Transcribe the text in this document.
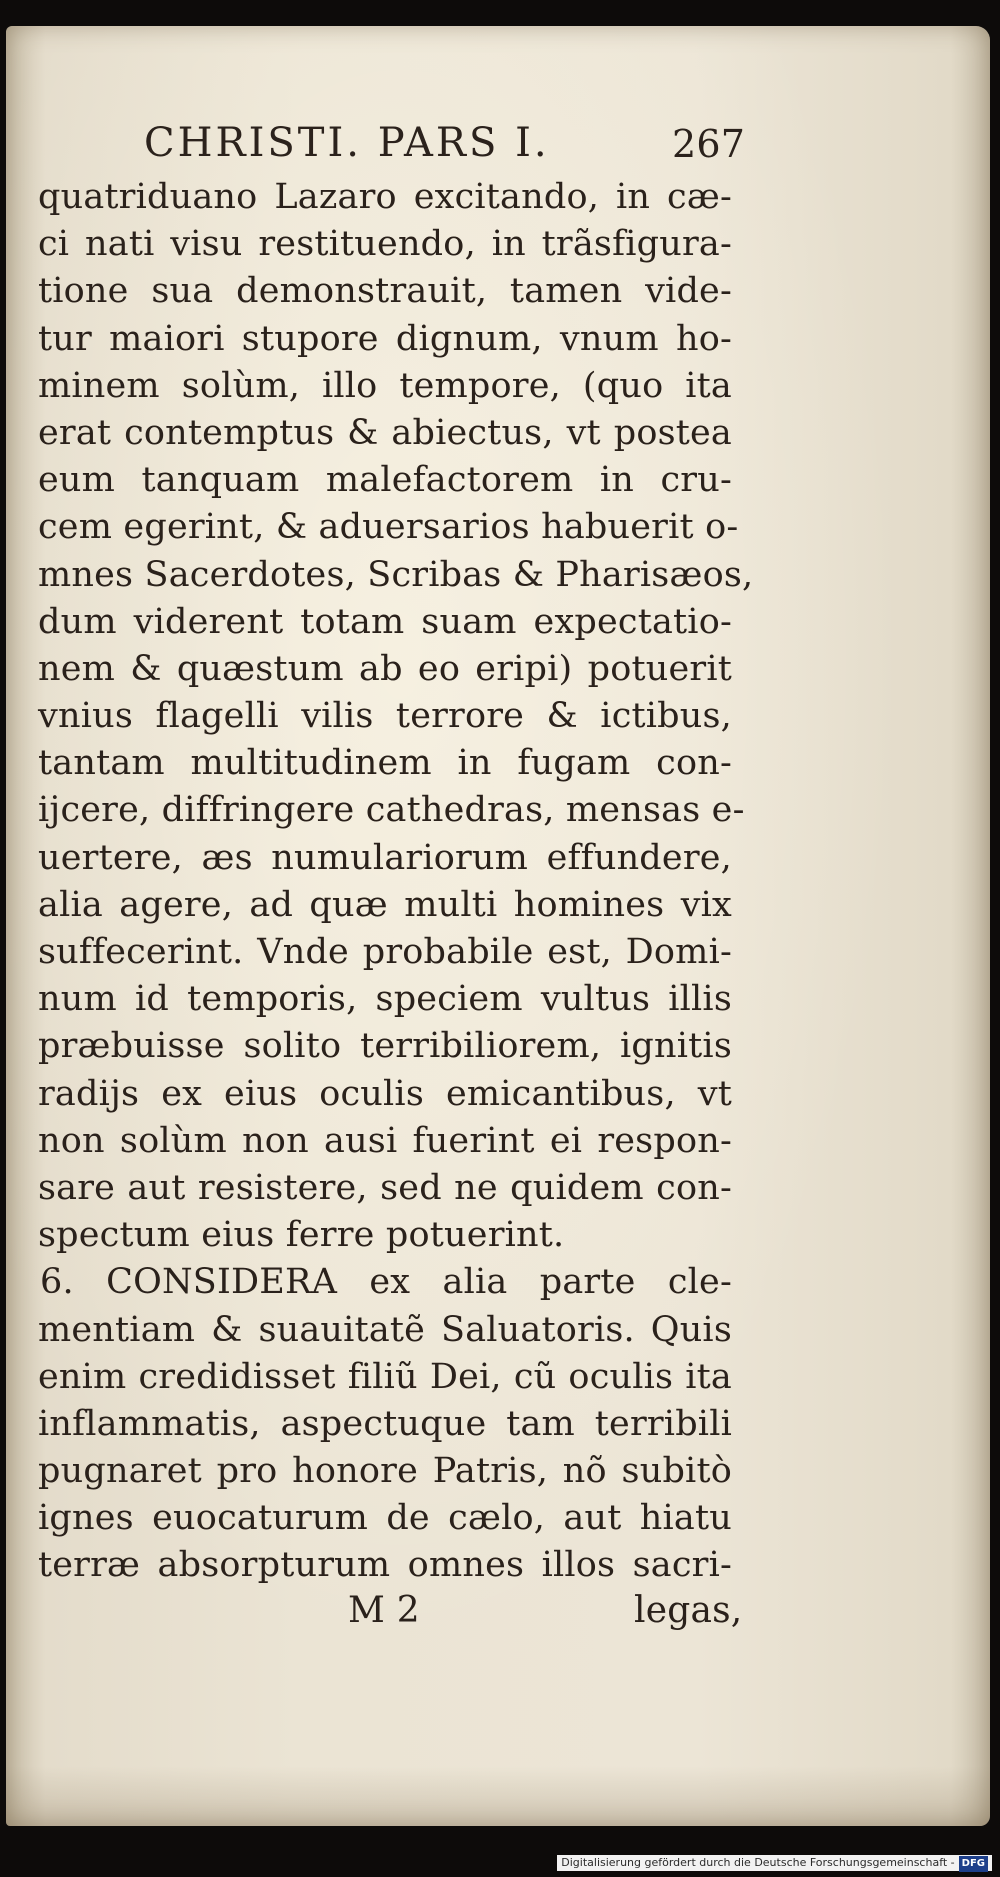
CHRISTI. PARS I.	267
quatriduano Lazaro excitando, in cæ-
ci nati visu restituendo, in trãsfigura-
tione sua demonstrauit, tamen vide-
tur maiori stupore dignum, vnum ho-
minem solùm, illo tempore, (quo ita
erat contemptus & abiectus, vt postea
eum tanquam malefactorem in cru-
cem egerint, & aduersarios habuerit o-
mnes Sacerdotes, Scribas & Pharisæos,
dum viderent totam suam expectatio-
nem & quæstum ab eo eripi) potuerit
vnius flagelli vilis terrore & ictibus,
tantam multitudinem in fugam con-
ijcere, diffringere cathedras, mensas e-
uertere, æs numulariorum effundere,
alia agere, ad quæ multi homines vix
suffecerint. Vnde probabile est, Domi-
num id temporis, speciem vultus illis
præbuisse solito terribiliorem, ignitis
radijs ex eius oculis emicantibus, vt
non solùm non ausi fuerint ei respon-
sare aut resistere, sed ne quidem con-
spectum eius ferre potuerint.
6. CONSIDERA ex alia parte cle-
mentiam & suauitatẽ Saluatoris. Quis
enim credidisset filiũ Dei, cũ oculis ita
inflammatis, aspectuque tam terribili
pugnaret pro honore Patris, nõ subitò
ignes euocaturum de cælo, aut hiatu
terræ absorpturum omnes illos sacri-
M 2	legas,
Digitalisierung gefördert durch die Deutsche Forschungsgemeinschaft - DFG
